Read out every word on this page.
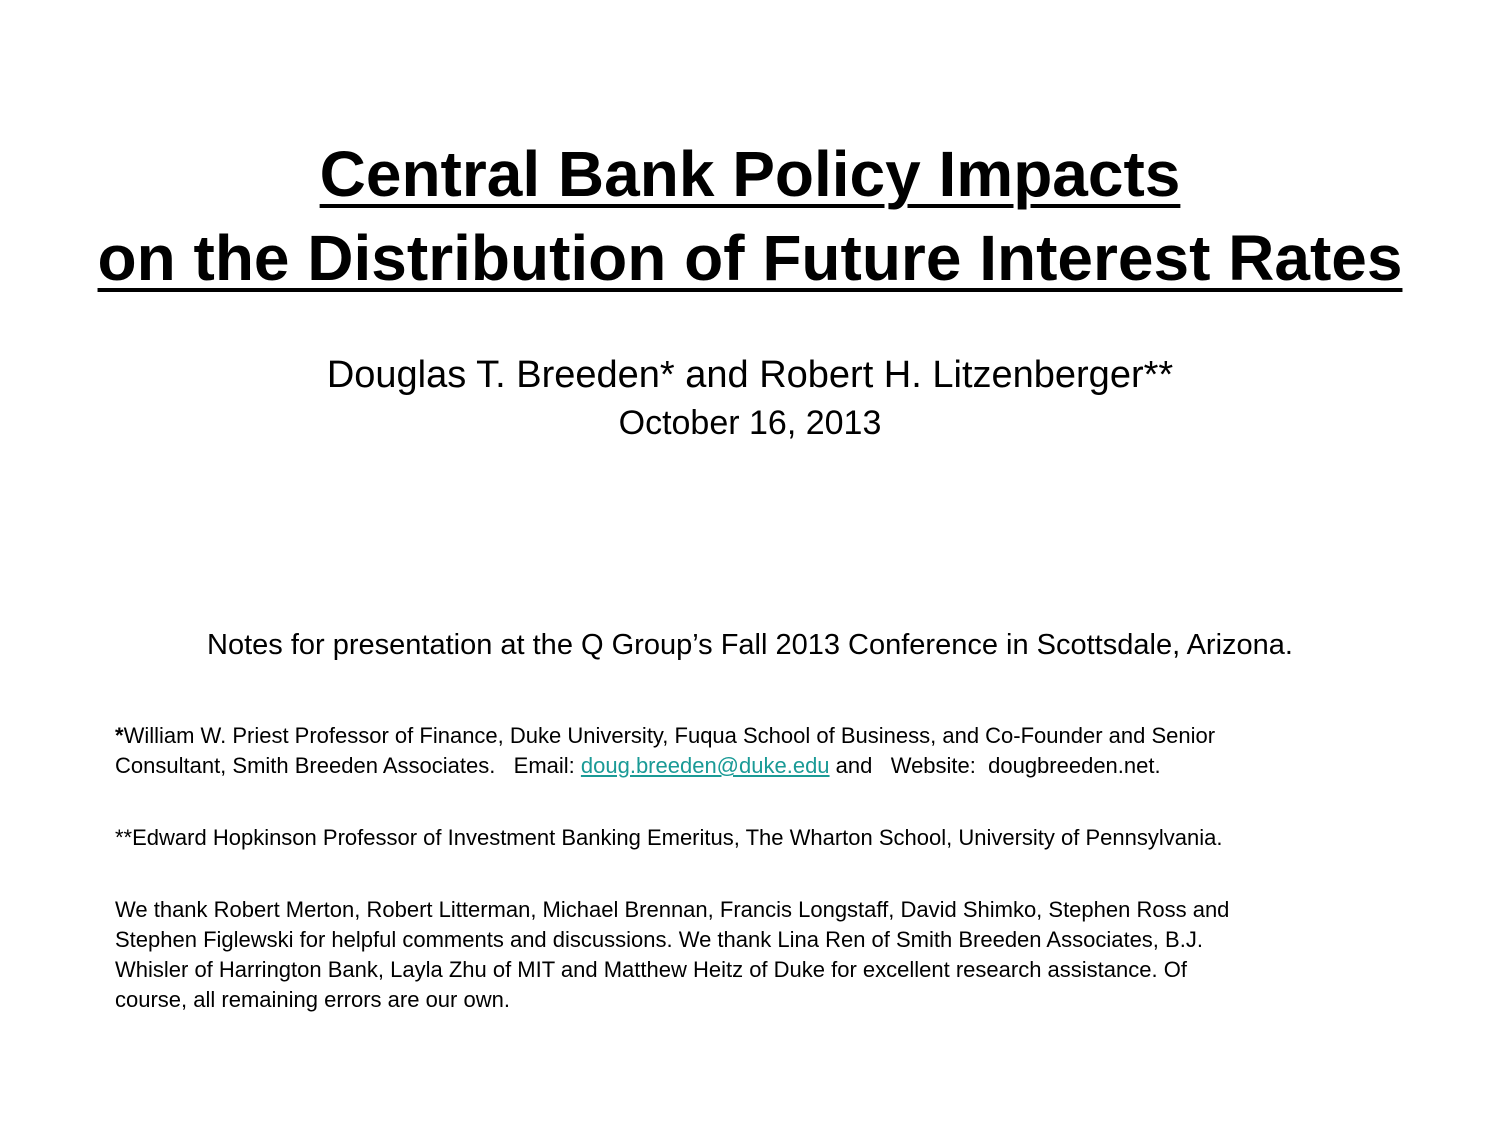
Central Bank Policy Impacts
on the Distribution of Future Interest Rates
Douglas T. Breeden* and Robert H. Litzenberger**
October 16, 2013
Notes for presentation at the Q Group’s Fall 2013 Conference in Scottsdale, Arizona.
*William W. Priest Professor of Finance, Duke University, Fuqua School of Business, and Co-Founder and Senior
Consultant, Smith Breeden Associates.   Email: doug.breeden@duke.edu and   Website:  dougbreeden.net.
**Edward Hopkinson Professor of Investment Banking Emeritus, The Wharton School, University of Pennsylvania.
We thank Robert Merton, Robert Litterman, Michael Brennan, Francis Longstaff, David Shimko, Stephen Ross and
Stephen Figlewski for helpful comments and discussions. We thank Lina Ren of Smith Breeden Associates, B.J.
Whisler of Harrington Bank, Layla Zhu of MIT and Matthew Heitz of Duke for excellent research assistance. Of
course, all remaining errors are our own.
